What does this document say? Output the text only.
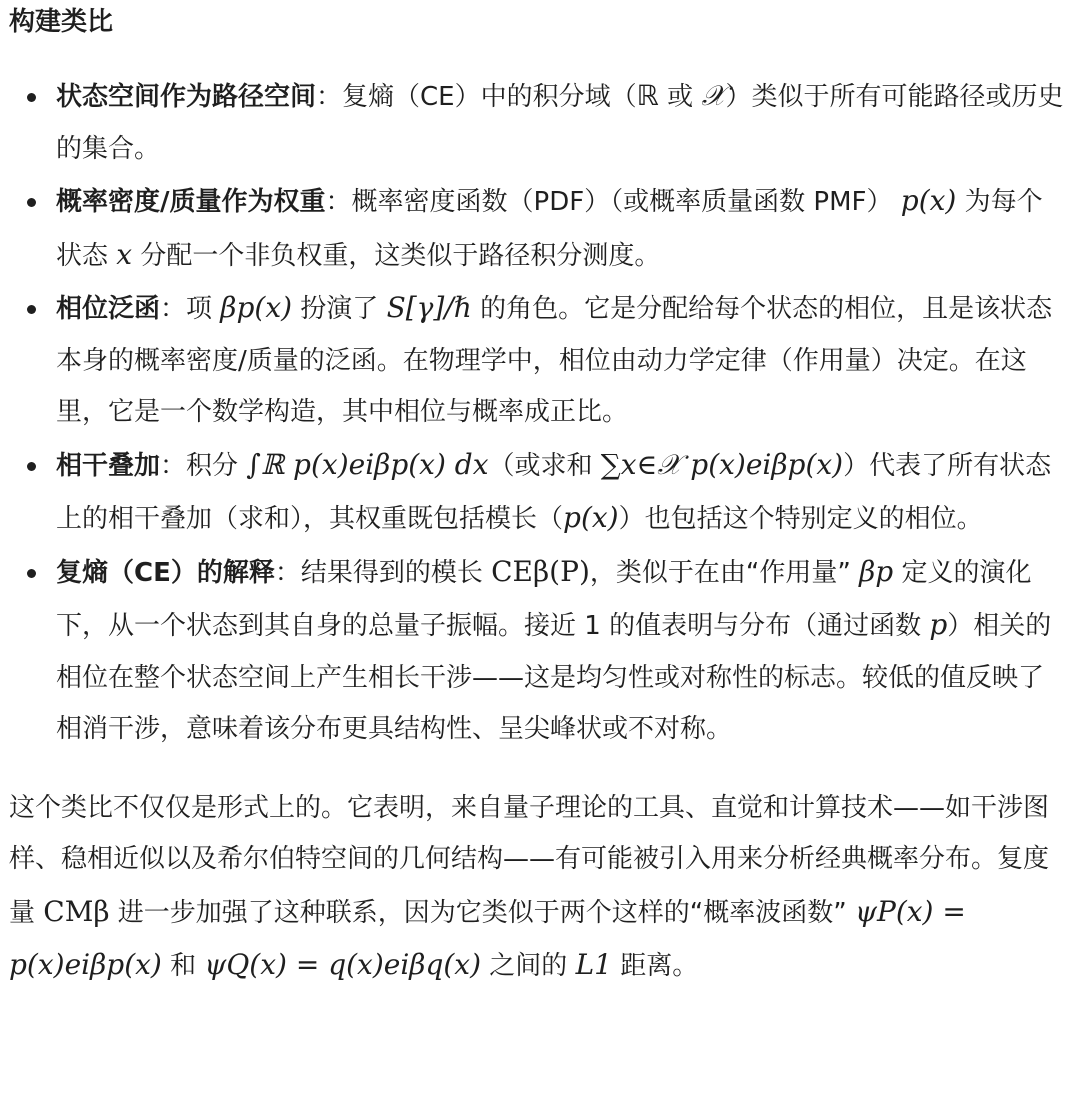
构建类比
状态空间作为路径空间：复熵（CE）中的积分域（ℝ 或 𝒳）类似于所有可能路径或历史的集合。
概率密度/质量作为权重：概率密度函数（PDF）（或概率质量函数 PMF） p(x) 为每个状态 x 分配一个非负权重，这类似于路径积分测度。
相位泛函：项 βp(x) 扮演了 S[γ]/ℏ 的角色。它是分配给每个状态的相位，且是该状态本身的概率密度/质量的泛函。在物理学中，相位由动力学定律（作用量）决定。在这里，它是一个数学构造，其中相位与概率成正比。
相干叠加：积分 ∫ℝ p(x)eiβp(x) dx（或求和 ∑x∈𝒳 p(x)eiβp(x)）代表了所有状态上的相干叠加（求和），其权重既包括模长（p(x)）也包括这个特别定义的相位。
复熵（CE）的解释：结果得到的模长 CEβ(P)，类似于在由“作用量” βp 定义的演化下，从一个状态到其自身的总量子振幅。接近 1 的值表明与分布（通过函数 p）相关的相位在整个状态空间上产生相长干涉——这是均匀性或对称性的标志。较低的值反映了相消干涉，意味着该分布更具结构性、呈尖峰状或不对称。

这个类比不仅仅是形式上的。它表明，来自量子理论的工具、直觉和计算技术——如干涉图样、稳相近似以及希尔伯特空间的几何结构——有可能被引入用来分析经典概率分布。复度量 CMβ 进一步加强了这种联系，因为它类似于两个这样的“概率波函数” ψP(x) = p(x)eiβp(x) 和 ψQ(x) = q(x)eiβq(x) 之间的 L1 距离。
